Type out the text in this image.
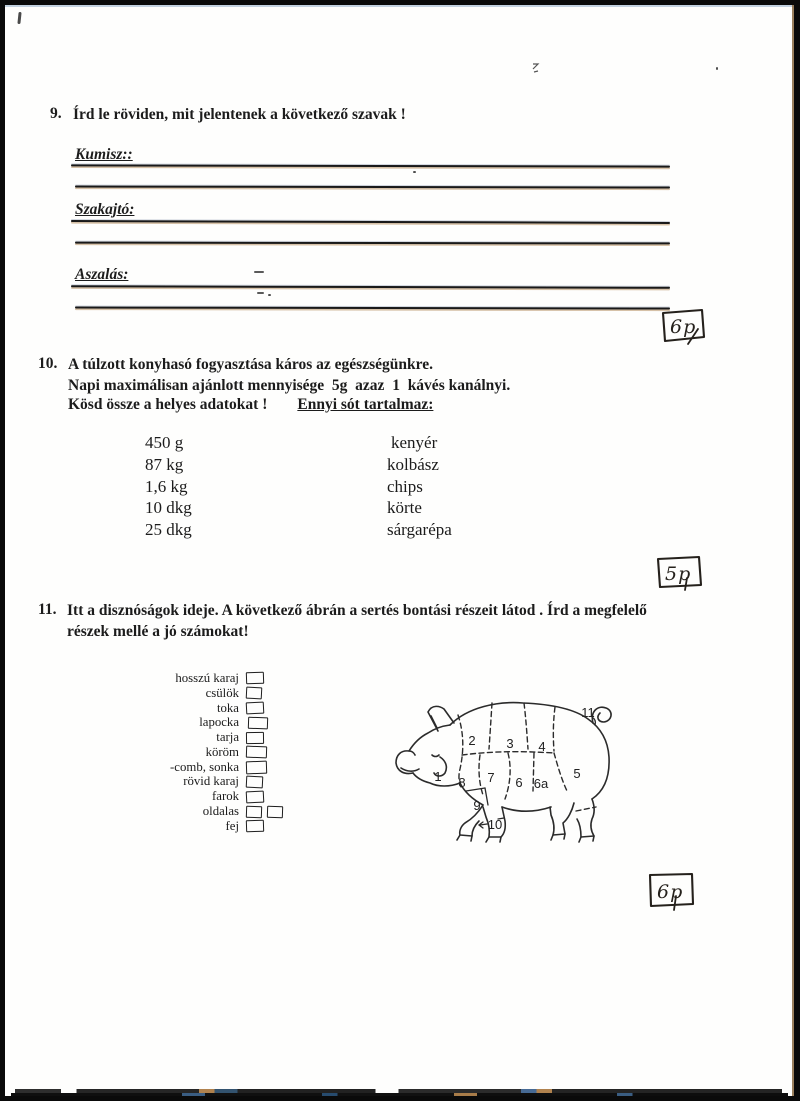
9. Írd le röviden, mit jelentenek a következő szavak !
Kumisz::
Szakajtó:
Aszalás:
6p
10. A túlzott konyhasó fogyasztása káros az egészségünkre.
Napi maximálisan ajánlott mennyisége  5g  azaz  1  kávés kanálnyi.
Kösd össze a helyes adatokat ! Ennyi sót tartalmaz:
450 g
87 kg
1,6 kg
10 dkg
25 dkg
kenyér
kolbász
chips
körte
sárgarépa
5p
11. Itt a disznóságok ideje. A következő ábrán a sertés bontási részeit látod . Írd a megfelelő
részek mellé a jó számokat!
hosszú karaj
csülök
toka
lapocka
tarja
köröm
-comb, sonka
rövid karaj
farok
oldalas
fej
1
2 3 4
5
6 6a
7
8
9
10
11
6p
